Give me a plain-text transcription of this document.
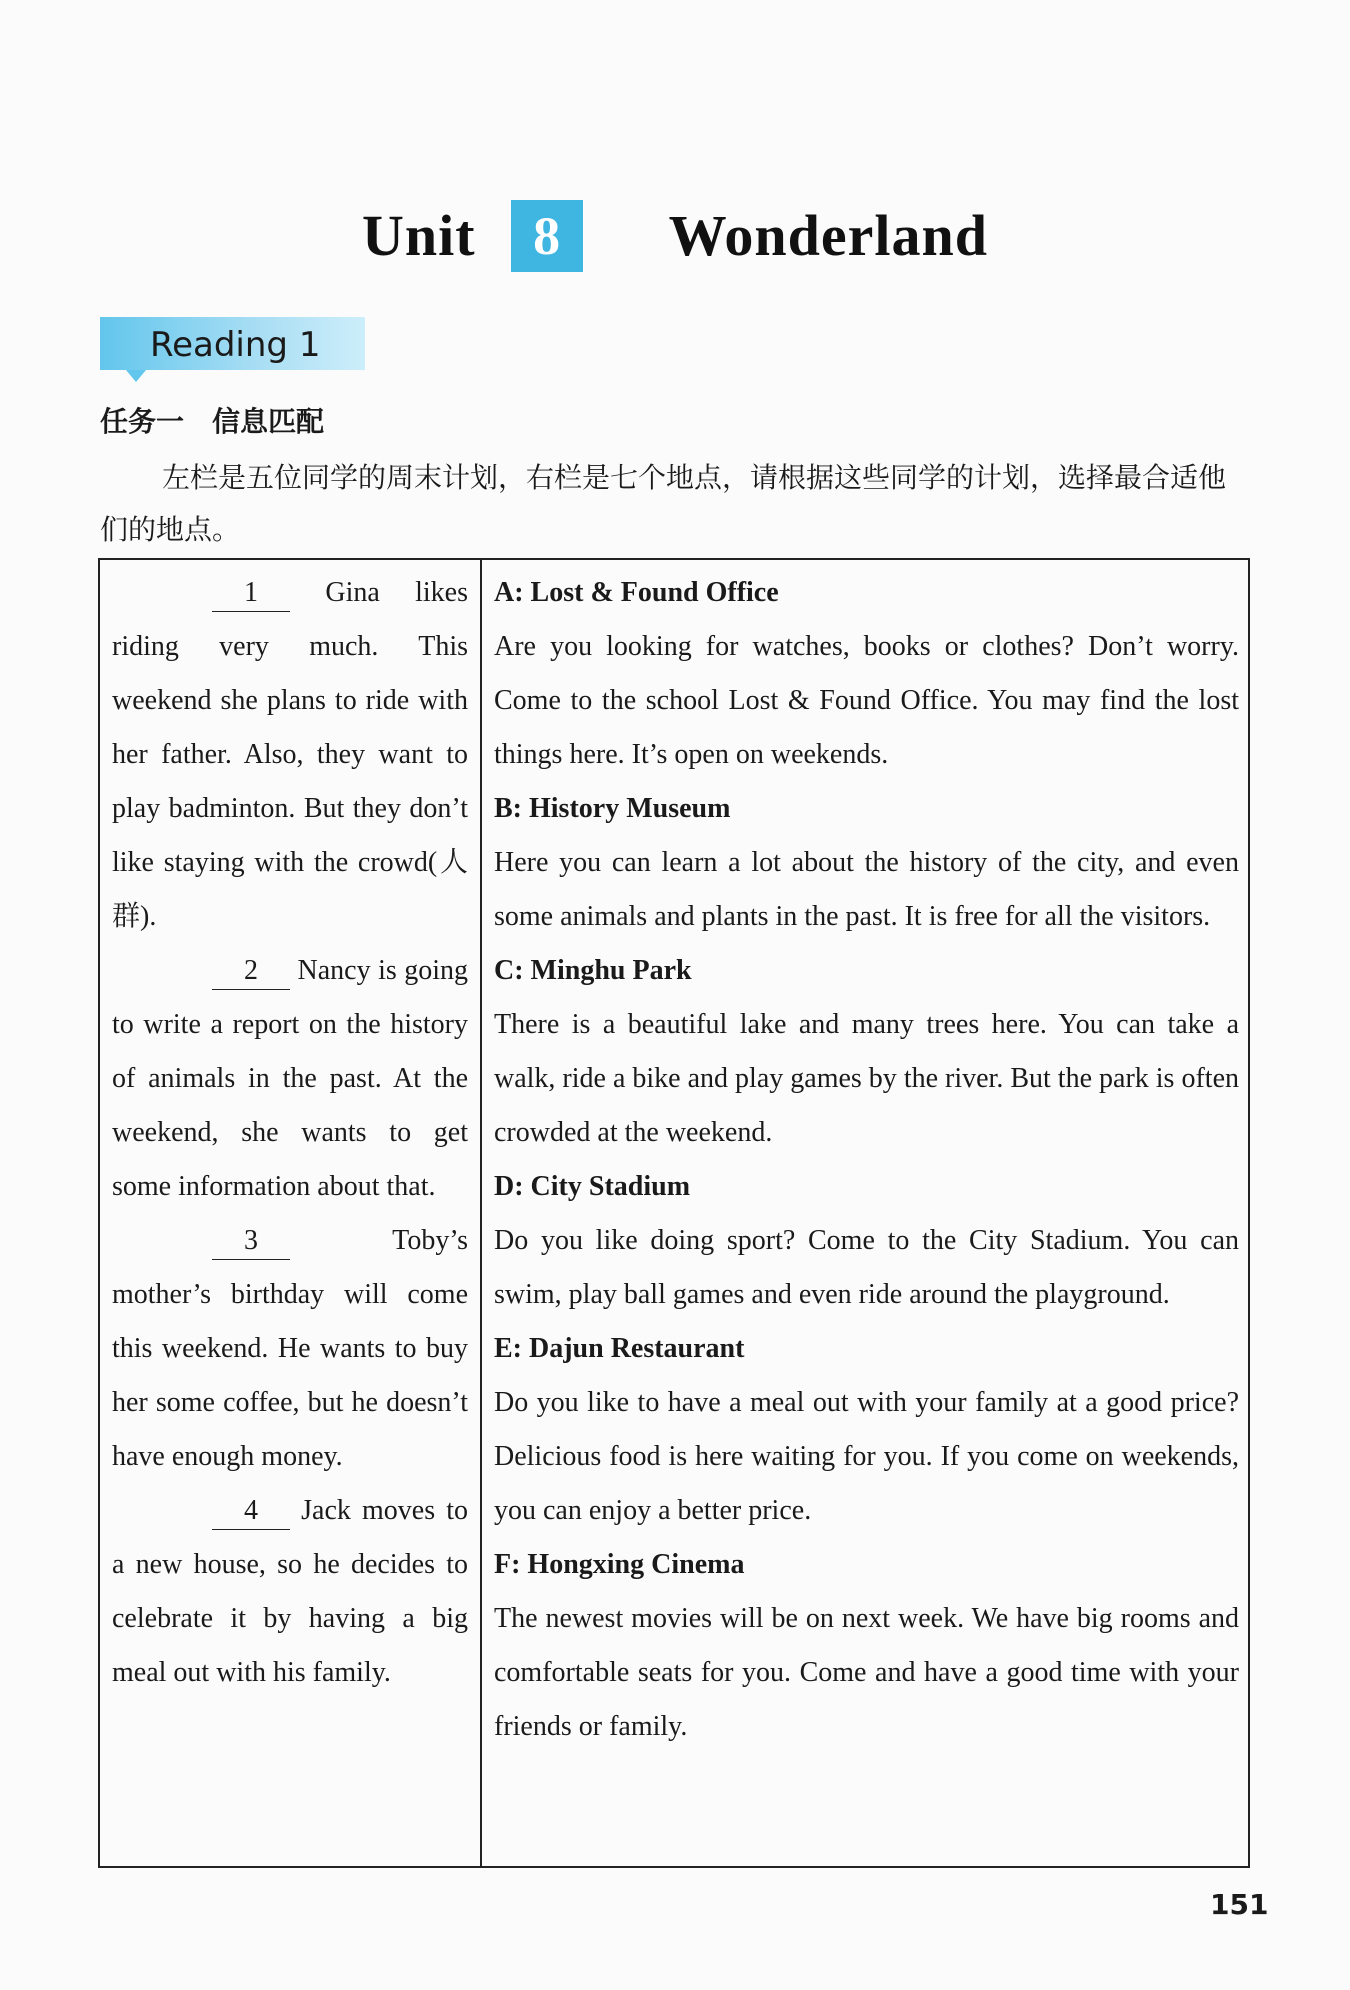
Unit 8 Wonderland
Reading 1
任务一　信息匹配
左栏是五位同学的周末计划，右栏是七个地点，请根据这些同学的计划，选择最合适他们的地点。

1 Gina likes riding very much. This weekend she plans to ride with her father. Also, they want to play badminton. But they don’t like staying with the crowd(人群).

2 Nancy is going to write a report on the history of animals in the past. At the weekend, she wants to get some information about that.

3	Toby’s mother’s birthday will come this weekend. He wants to buy her some coffee, but he doesn’t have enough money.

4 Jack moves to a new house, so he decides to celebrate it by having a big meal out with his family.

A: Lost & Found Office

Are you looking for watches, books or clothes? Don’t worry. Come to the school Lost & Found Office. You may find the lost things here. It’s open on weekends.

B: History Museum

Here you can learn a lot about the history of the city, and even some animals and plants in the past. It is free for all the visitors.

C: Minghu Park

There is a beautiful lake and many trees here. You can take a walk, ride a bike and play games by the river. But the park is often crowded at the weekend.

D: City Stadium

Do you like doing sport? Come to the City Stadium. You can swim, play ball games and even ride around the playground.

E: Dajun Restaurant

Do you like to have a meal out with your family at a good price? Delicious food is here waiting for you. If you come on weekends, you can enjoy a better price.

F: Hongxing Cinema

The newest movies will be on next week. We have big rooms and comfortable seats for you. Come and have a good time with your friends or family.

151
